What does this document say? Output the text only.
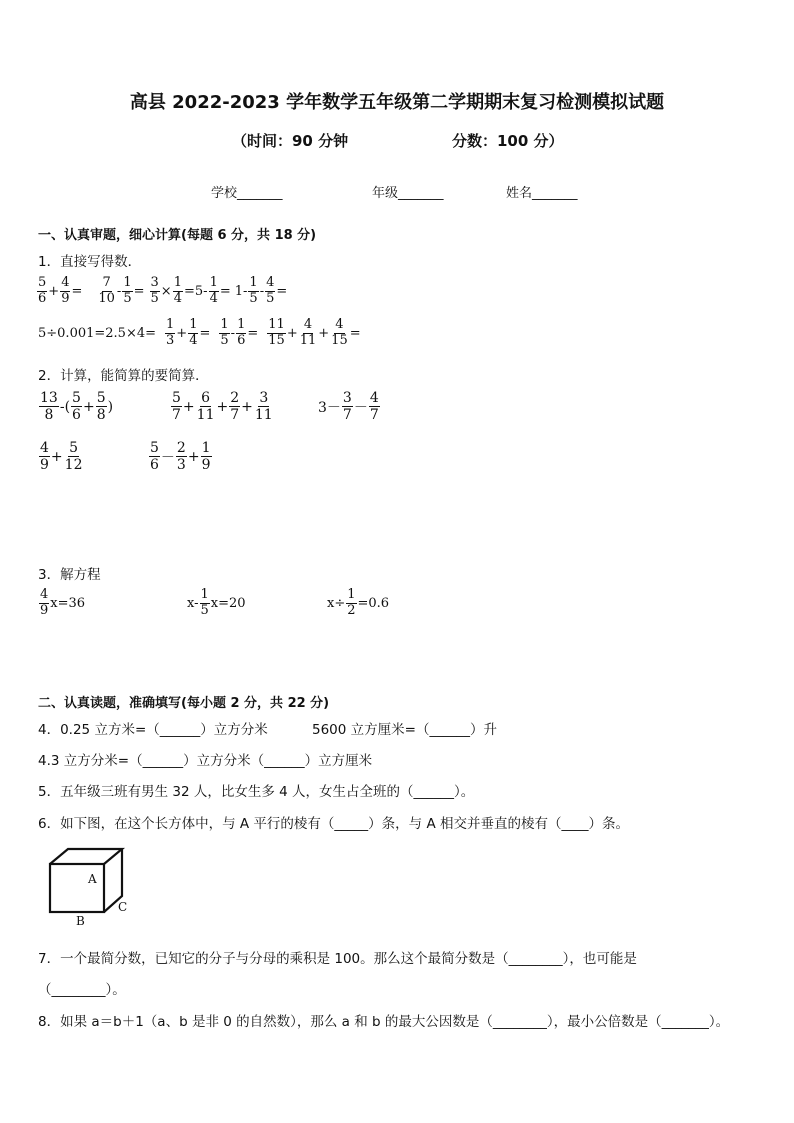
高县 2022-2023 学年数学五年级第二学期期末复习检测模拟试题
（时间：90 分钟	分数：100 分）
学校_______	年级_______	姓名_______
一、认真审题，细心计算(每题 6 分，共 18 分)
1．直接写得数．
$\frac{5}{6} + \frac{4}{9} = \frac{7}{10} - \frac{1}{5} = \frac{3}{5} \times \frac{1}{4} = 5- \frac{1}{4} = 1- \frac{1}{5} - \frac{4}{5}$ =
$5\div 0.001= 2.5\times 4= \frac{1}{3} + \frac{1}{4} = \frac{1}{5} - \frac{1}{6} = \frac{11}{15} + \frac{4}{11} + \frac{4}{15}$ =
2．计算，能简算的要简算．
$\frac{13}{8}$ - ( $\frac{5}{6} + \frac{5}{8}$ )	$\frac{5}{7} + \frac{6}{11} + \frac{2}{7} + \frac{3}{11}$	$3- \frac{3}{7} - \frac{4}{7}$
$\frac{4}{9} + \frac{5}{12}$	$\frac{5}{6} - \frac{2}{3} + \frac{1}{9}$
3．解方程
$\frac{4}{9} x=36$	$x- \frac{1}{5} x=20$	$x\div \frac{1}{2} =0.6$
二、认真读题，准确填写(每小题 2 分，共 22 分)
4．0.25 立方米=（______）立方分米	5600 立方厘米=（______）升
4.3 立方分米=（______）立方分米（______）立方厘米
5．五年级三班有男生 32 人，比女生多 4 人，女生占全班的（______）。
6．如下图，在这个长方体中，与 A 平行的棱有（_____）条，与 A 相交并垂直的棱有（____）条。
A
B
C
7．一个最简分数，已知它的分子与分母的乘积是 100。那么这个最简分数是（________），也可能是
（________）。
8．如果 a＝b＋1（a、b 是非 0 的自然数），那么 a 和 b 的最大公因数是（________），最小公倍数是（_______）。
